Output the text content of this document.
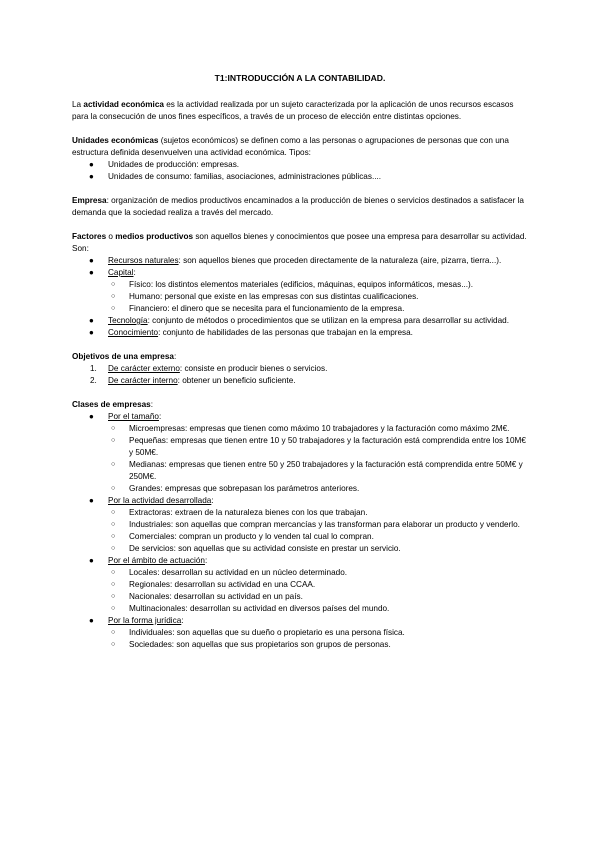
T1:INTRODUCCIÓN A LA CONTABILIDAD.

La actividad económica es la actividad realizada por un sujeto caracterizada por la aplicación de unos recursos escasos para la consecución de unos fines específicos, a través de un proceso de elección entre distintas opciones.

Unidades económicas (sujetos económicos) se definen como a las personas o agrupaciones de personas que con una estructura definida desenvuelven una actividad económica. Tipos:

●	Unidades de producción: empresas.
●	Unidades de consumo: familias, asociaciones, administraciones públicas....

Empresa: organización de medios productivos encaminados a la producción de bienes o servicios destinados a satisfacer la demanda que la sociedad realiza a través del mercado.

Factores o medios productivos son aquellos bienes y conocimientos que posee una empresa para desarrollar su actividad. Son:

●	Recursos naturales: son aquellos bienes que proceden directamente de la naturaleza (aire, pizarra, tierra...).
●	Capital:
○ Físico: los distintos elementos materiales (edificios, máquinas, equipos informáticos, mesas...).
○ Humano: personal que existe en las empresas con sus distintas cualificaciones.
○ Financiero: el dinero que se necesita para el funcionamiento de la empresa.
●	Tecnología: conjunto de métodos o procedimientos que se utilizan en la empresa para desarrollar su actividad.
●	Conocimiento: conjunto de habilidades de las personas que trabajan en la empresa.

Objetivos de una empresa:

1. De carácter externo: consiste en producir bienes o servicios.
2. De carácter interno: obtener un beneficio suficiente.

Clases de empresas:

●	Por el tamaño:
○ Microempresas: empresas que tienen como máximo 10 trabajadores y la facturación como máximo 2M€.
○ Pequeñas: empresas que tienen entre 10 y 50 trabajadores y la facturación está comprendida entre los 10M€ y 50M€.
○ Medianas: empresas que tienen entre 50 y 250 trabajadores y la facturación está comprendida entre 50M€ y 250M€.
○ Grandes: empresas que sobrepasan los parámetros anteriores.
●	Por la actividad desarrollada:
○ Extractoras: extraen de la naturaleza bienes con los que trabajan.
○ Industriales: son aquellas que compran mercancías y las transforman para elaborar un producto y venderlo.
○ Comerciales: compran un producto y lo venden tal cual lo compran.
○ De servicios: son aquellas que su actividad consiste en prestar un servicio.
●	Por el ámbito de actuación:
○ Locales: desarrollan su actividad en un núcleo determinado.
○ Regionales: desarrollan su actividad en una CCAA.
○ Nacionales: desarrollan su actividad en un país.
○ Multinacionales: desarrollan su actividad en diversos países del mundo.
●	Por la forma jurídica:
○ Individuales: son aquellas que su dueño o propietario es una persona física.
○ Sociedades: son aquellas que sus propietarios son grupos de personas.
